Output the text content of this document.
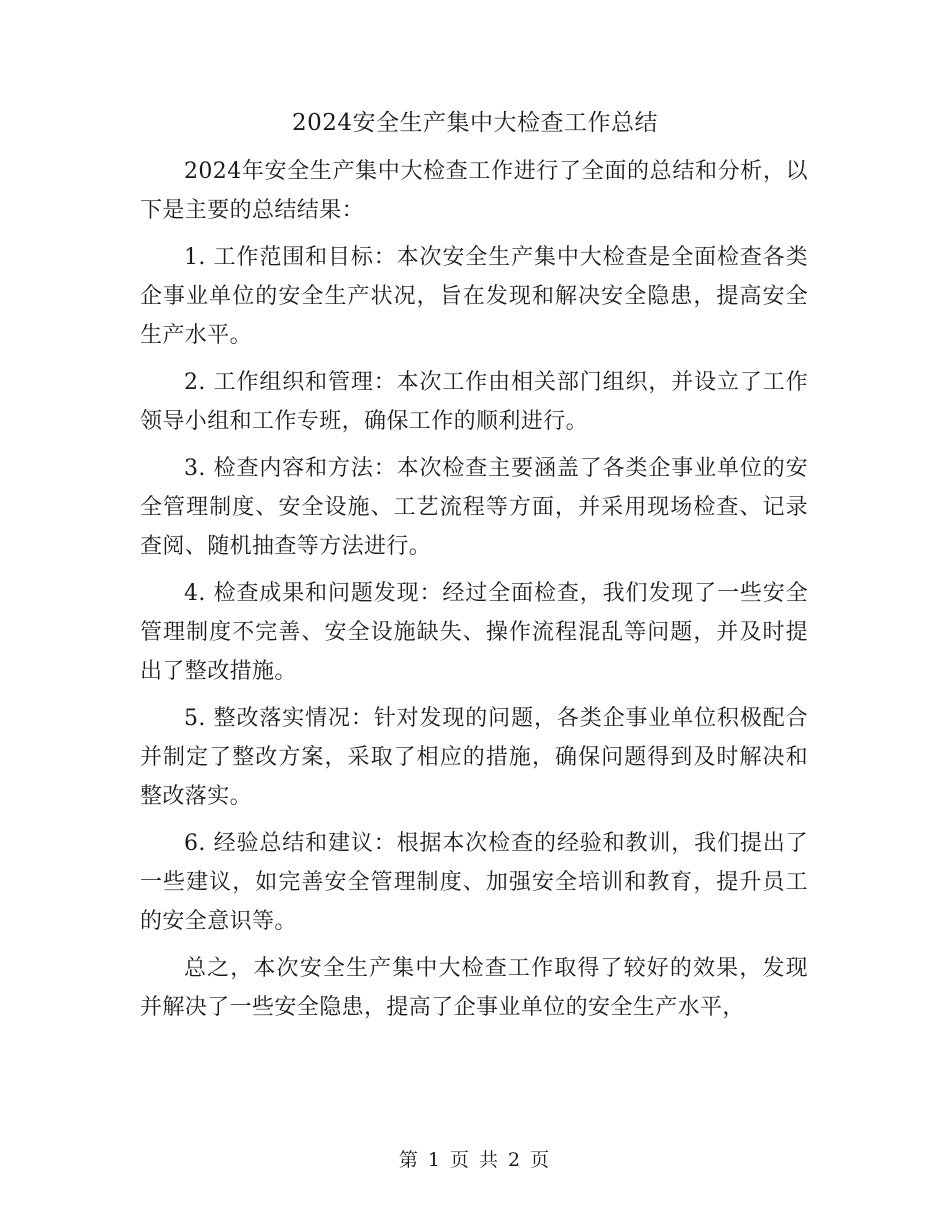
2024安全生产集中大检查工作总结

2024年安全生产集中大检查工作进行了全面的总结和分析，以下是主要的总结结果：

1. 工作范围和目标：本次安全生产集中大检查是全面检查各类企事业单位的安全生产状况，旨在发现和解决安全隐患，提高安全生产水平。

2. 工作组织和管理：本次工作由相关部门组织，并设立了工作领导小组和工作专班，确保工作的顺利进行。

3. 检查内容和方法：本次检查主要涵盖了各类企事业单位的安全管理制度、安全设施、工艺流程等方面，并采用现场检查、记录查阅、随机抽查等方法进行。

4. 检查成果和问题发现：经过全面检查，我们发现了一些安全管理制度不完善、安全设施缺失、操作流程混乱等问题，并及时提出了整改措施。

5. 整改落实情况：针对发现的问题，各类企事业单位积极配合并制定了整改方案，采取了相应的措施，确保问题得到及时解决和整改落实。

6. 经验总结和建议：根据本次检查的经验和教训，我们提出了一些建议，如完善安全管理制度、加强安全培训和教育，提升员工的安全意识等。

总之，本次安全生产集中大检查工作取得了较好的效果，发现并解决了一些安全隐患，提高了企事业单位的安全生产水平，

第 1 页 共 2 页
